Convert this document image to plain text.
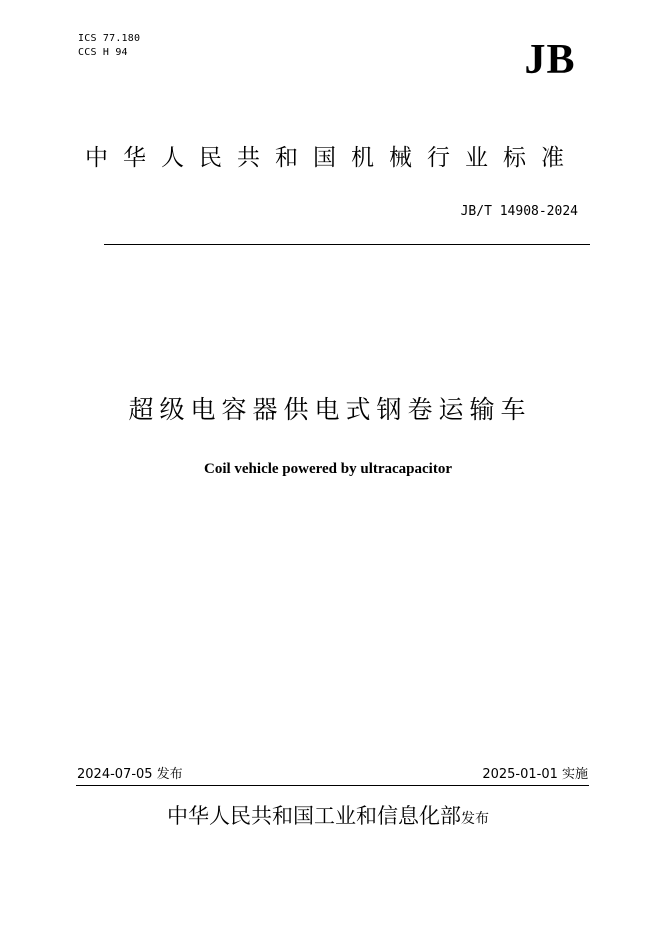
ICS 77.180
CCS H 94	JB
中华人民共和国机械行业标准
JB/T 14908-2024
超级电容器供电式钢卷运输车
Coil vehicle powered by ultracapacitor
2024-07-05 发布	2025-01-01 实施
中华人民共和国工业和信息化部发布
